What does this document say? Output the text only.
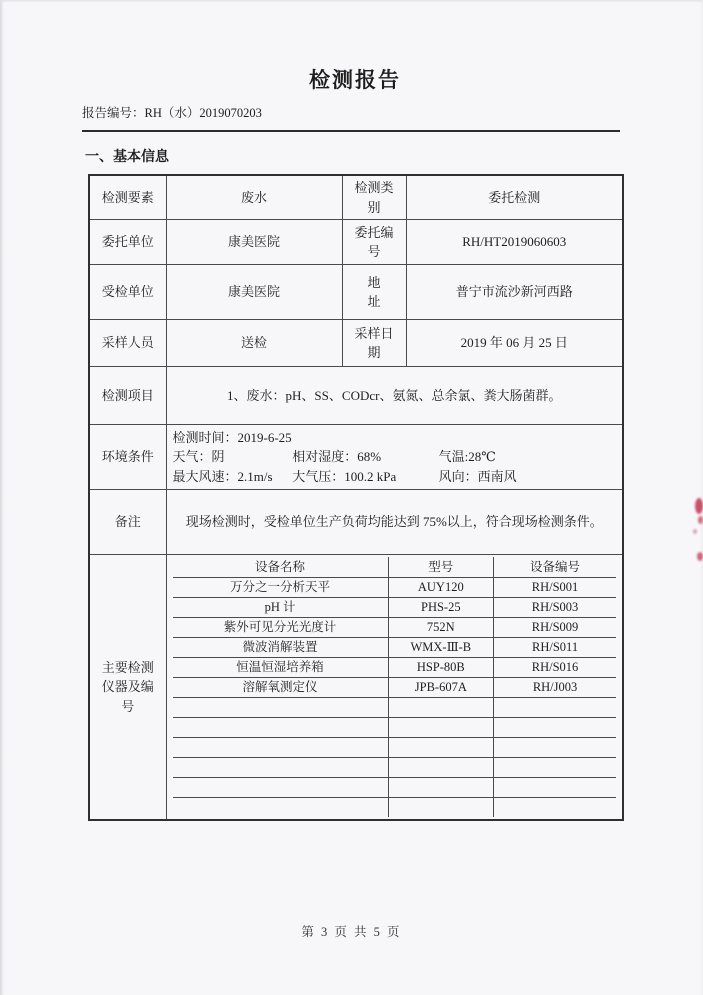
检测报告
报告编号：RH（水）2019070203
一、基本信息
检测要素	废水	检测类别	委托检测
委托单位	康美医院	委托编号	RH/HT2019060603
受检单位	康美医院	地　　址	普宁市流沙新河西路
采样人员	送检	采样日期	2019 年 06 月 25 日
检测项目	1、废水：pH、SS、CODcr、氨氮、总余氯、粪大肠菌群。
环境条件	
检测时间：2019-6-25
天气：阴	相对湿度：68%	气温:28℃
最大风速：2.1m/s	大气压：100.2 kPa	风向：西南风

备注	现场检测时，受检单位生产负荷均能达到 75%以上，符合现场检测条件。
主要检测仪器及编号	
设备名称	型号	设备编号
万分之一分析天平	AUY120	RH/S001
pH 计	PHS-25	RH/S003
紫外可见分光光度计	752N	RH/S009
微波消解装置	WMX-Ⅲ-B	RH/S011
恒温恒湿培养箱	HSP-80B	RH/S016
溶解氧测定仪	JPB-607A	RH/J003

第 3 页 共 5 页
